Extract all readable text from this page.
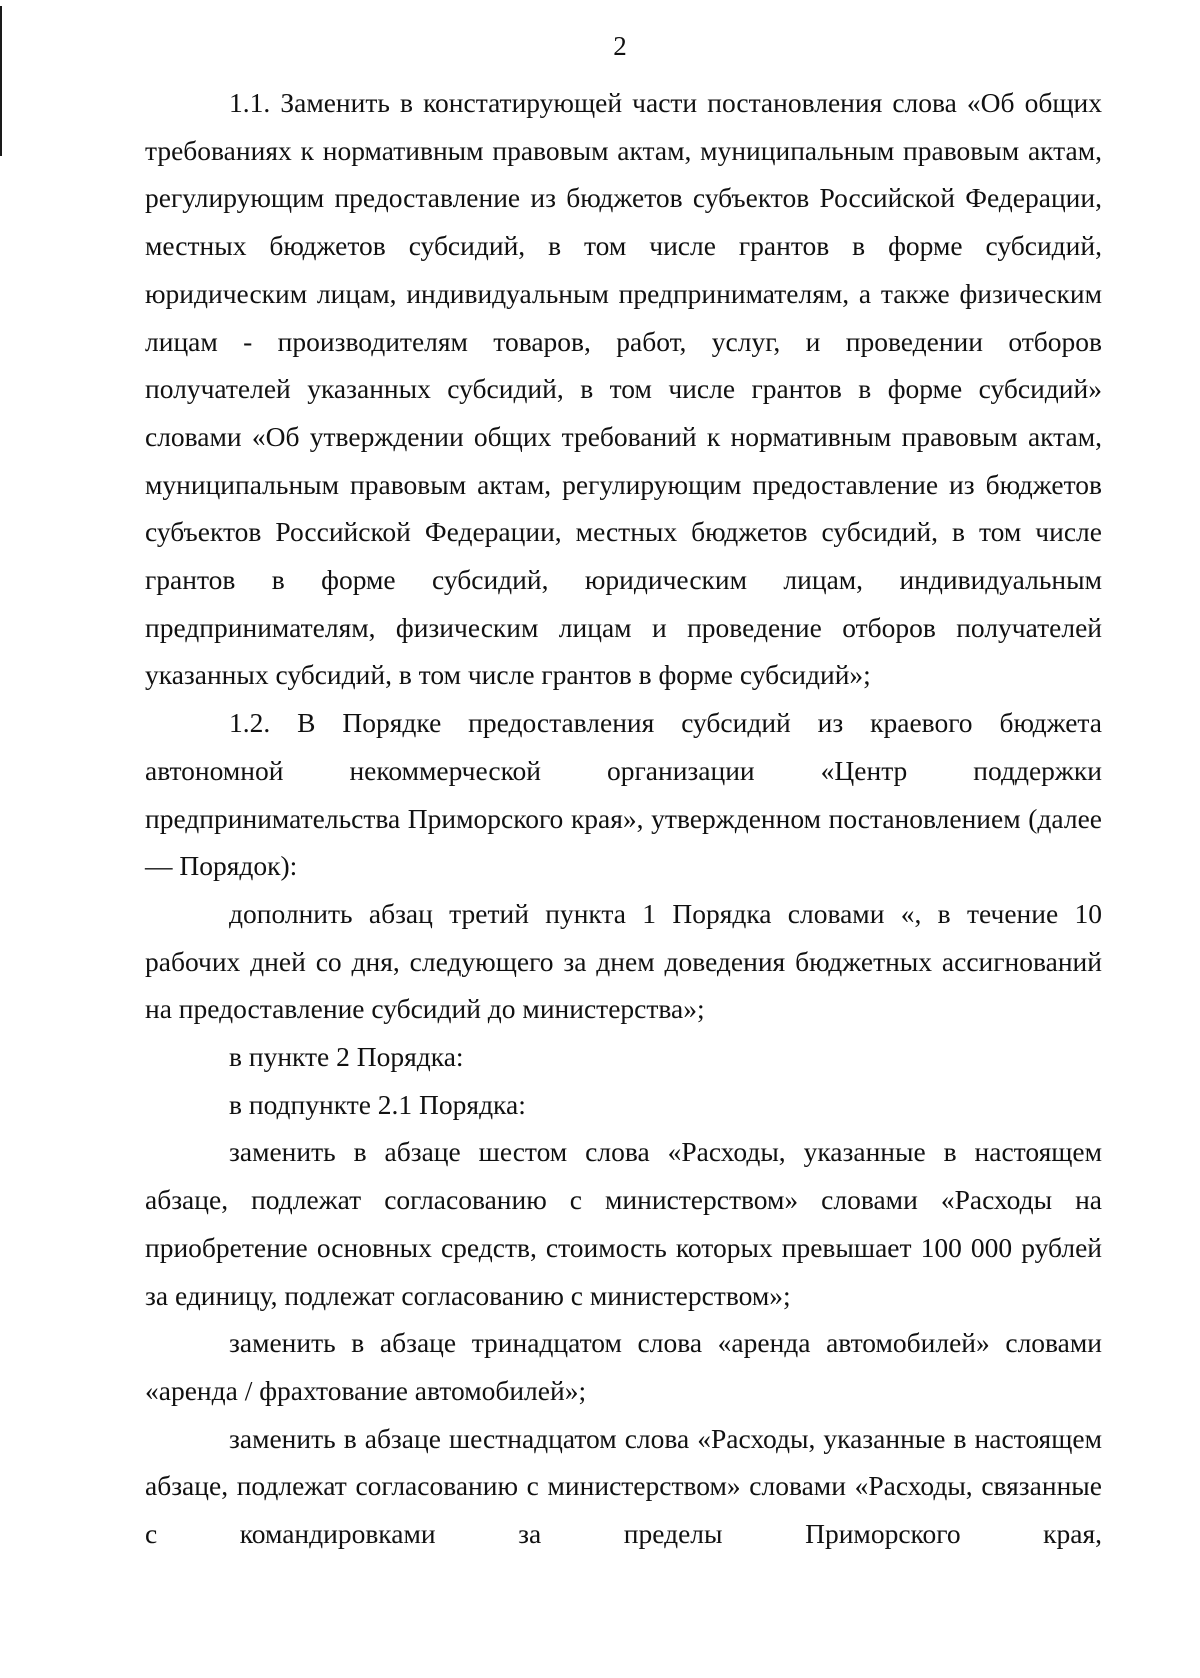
2

1.1. Заменить в констатирующей части постановления слова «Об общих требованиях к нормативным правовым актам, муниципальным правовым актам, регулирующим предоставление из бюджетов субъектов Российской Федерации, местных бюджетов субсидий, в том числе грантов в форме субсидий, юридическим лицам, индивидуальным предпринимателям, а также физическим лицам - производителям товаров, работ, услуг, и проведении отборов получателей указанных субсидий, в том числе грантов в форме субсидий» словами «Об утверждении общих требований к нормативным правовым актам, муниципальным правовым актам, регулирующим предоставление из бюджетов субъектов Российской Федерации, местных бюджетов субсидий, в том числе грантов в форме субсидий, юридическим лицам, индивидуальным предпринимателям, физическим лицам и проведение отборов получателей указанных субсидий, в том числе грантов в форме субсидий»;

1.2. В Порядке предоставления субсидий из краевого бюджета автономной некоммерческой организации «Центр поддержки предпринимательства Приморского края», утвержденном постановлением (далее — Порядок):

дополнить абзац третий пункта 1 Порядка словами «, в течение 10 рабочих дней со дня, следующего за днем доведения бюджетных ассигнований на предоставление субсидий до министерства»;

в пункте 2 Порядка:

в подпункте 2.1 Порядка:

заменить в абзаце шестом слова «Расходы, указанные в настоящем абзаце, подлежат согласованию с министерством» словами «Расходы на приобретение основных средств, стоимость которых превышает 100 000 рублей за единицу, подлежат согласованию с министерством»;

заменить в абзаце тринадцатом слова «аренда автомобилей» словами «аренда / фрахтование автомобилей»;

заменить в абзаце шестнадцатом слова «Расходы, указанные в настоящем абзаце, подлежат согласованию с министерством» словами «Расходы, связанные с командировками за пределы Приморского края,
